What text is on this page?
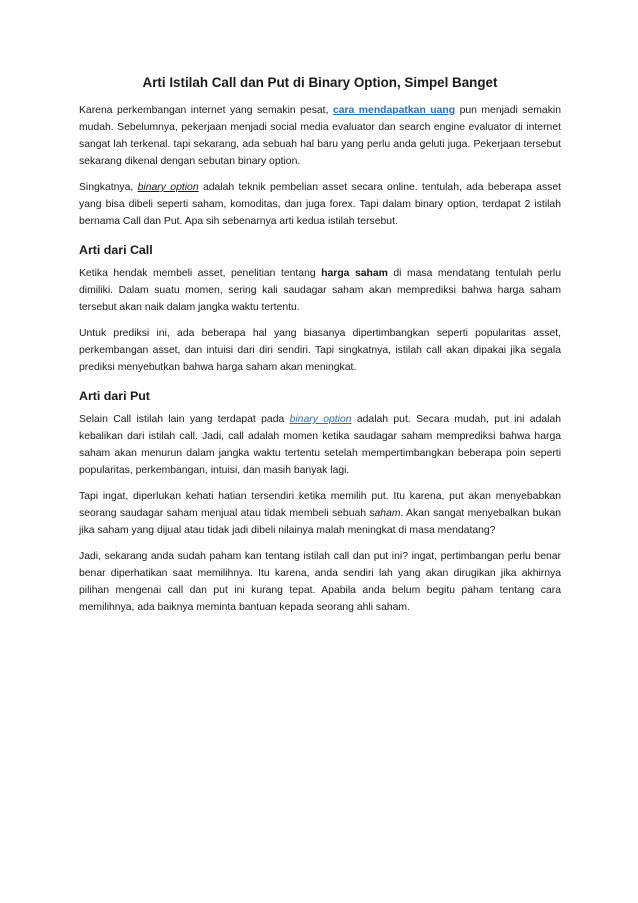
Arti Istilah Call dan Put di Binary Option, Simpel Banget

Karena perkembangan internet yang semakin pesat, cara mendapatkan uang pun menjadi semakin mudah. Sebelumnya, pekerjaan menjadi social media evaluator dan search engine evaluator di internet sangat lah terkenal. tapi sekarang, ada sebuah hal baru yang perlu anda geluti juga. Pekerjaan tersebut sekarang dikenal dengan sebutan binary option.

Singkatnya, binary option adalah teknik pembelian asset secara online. tentulah, ada beberapa asset yang bisa dibeli seperti saham, komoditas, dan juga forex. Tapi dalam binary option, terdapat 2 istilah bernama Call dan Put. Apa sih sebenarnya arti kedua istilah tersebut.

Arti dari Call

Ketika hendak membeli asset, penelitian tentang harga saham di masa mendatang tentulah perlu dimiliki. Dalam suatu momen, sering kali saudagar saham akan memprediksi bahwa harga saham tersebut akan naik dalam jangka waktu tertentu.

Untuk prediksi ini, ada beberapa hal yang biasanya dipertimbangkan seperti popularitas asset, perkembangan asset, dan intuisi dari diri sendiri. Tapi singkatnya, istilah call akan dipakai jika segala prediksi menyebutkan bahwa harga saham akan meningkat.

Arti dari Put

Selain Call istilah lain yang terdapat pada binary option adalah put. Secara mudah, put ini adalah kebalikan dari istilah call. Jadi, call adalah momen ketika saudagar saham memprediksi bahwa harga saham akan menurun dalam jangka waktu tertentu setelah mempertimbangkan beberapa poin seperti popularitas, perkembangan, intuisi, dan masih banyak lagi.

Tapi ingat, diperlukan kehati hatian tersendiri ketika memilih put. Itu karena, put akan menyebabkan seorang saudagar saham menjual atau tidak membeli sebuah saham. Akan sangat menyebalkan bukan jika saham yang dijual atau tidak jadi dibeli nilainya malah meningkat di masa mendatang?

Jadi, sekarang anda sudah paham kan tentang istilah call dan put ini? ingat, pertimbangan perlu benar benar diperhatikan saat memilihnya. Itu karena, anda sendiri lah yang akan dirugikan jika akhirnya pilihan mengenai call dan put ini kurang tepat. Apabila anda belum begitu paham tentang cara memilihnya, ada baiknya meminta bantuan kepada seorang ahli saham.
